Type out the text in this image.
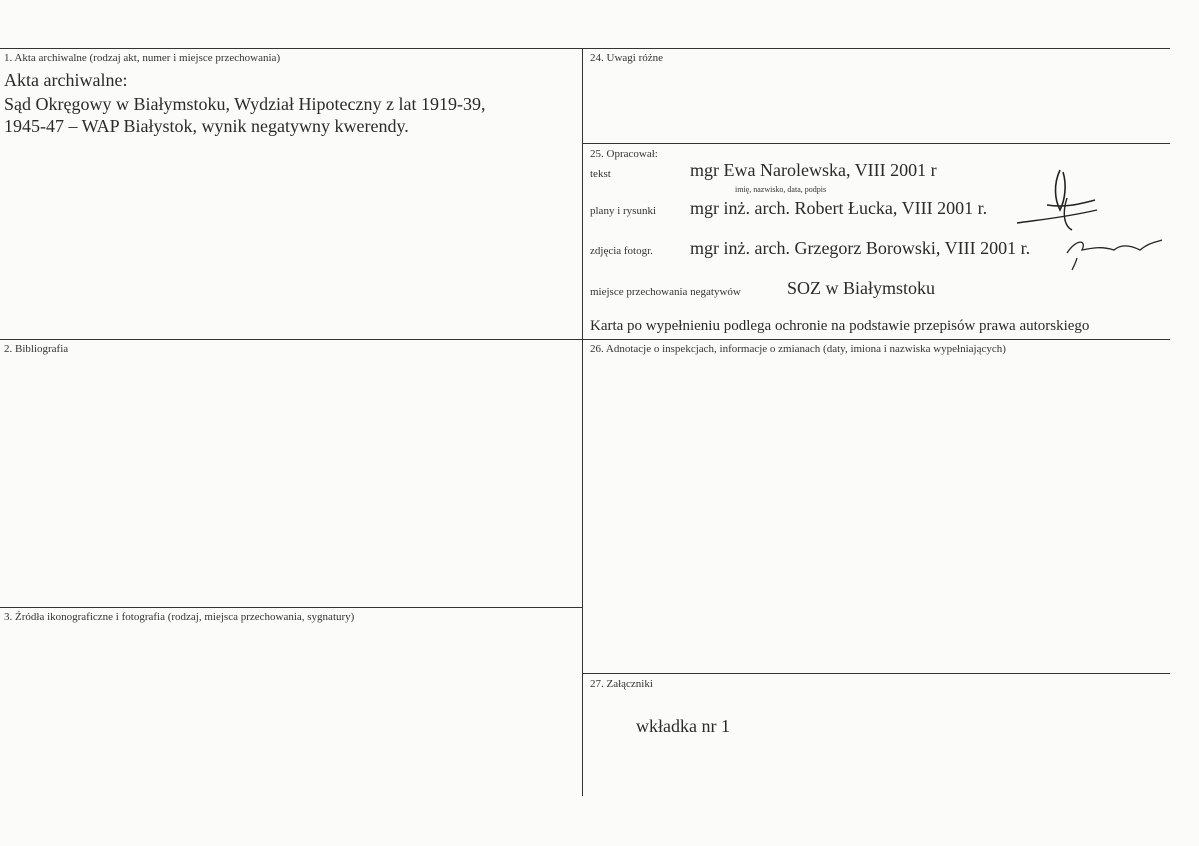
1. Akta archiwalne (rodzaj akt, numer i miejsce przechowania)
Akta archiwalne:
Sąd Okręgowy w Białymstoku, Wydział Hipoteczny z lat 1919-39,
1945-47 – WAP Białystok, wynik negatywny kwerendy.
2. Bibliografia
3. Źródła ikonograficzne i fotografia (rodzaj, miejsca przechowania, sygnatury)
24. Uwagi różne
25. Opracował:
tekst	mgr Ewa Narolewska, VIII 2001 r
imię, nazwisko, data, podpis
plany i rysunki mgr inż. arch. Robert Łucka, VIII 2001 r.
zdjęcia fotogr. mgr inż. arch. Grzegorz Borowski, VIII 2001 r.
miejsce przechowania negatywów	SOZ w Białymstoku
Karta po wypełnieniu podlega ochronie na podstawie przepisów prawa autorskiego
26. Adnotacje o inspekcjach, informacje o zmianach (daty, imiona i nazwiska wypełniających)
27. Załączniki
wkładka nr 1
